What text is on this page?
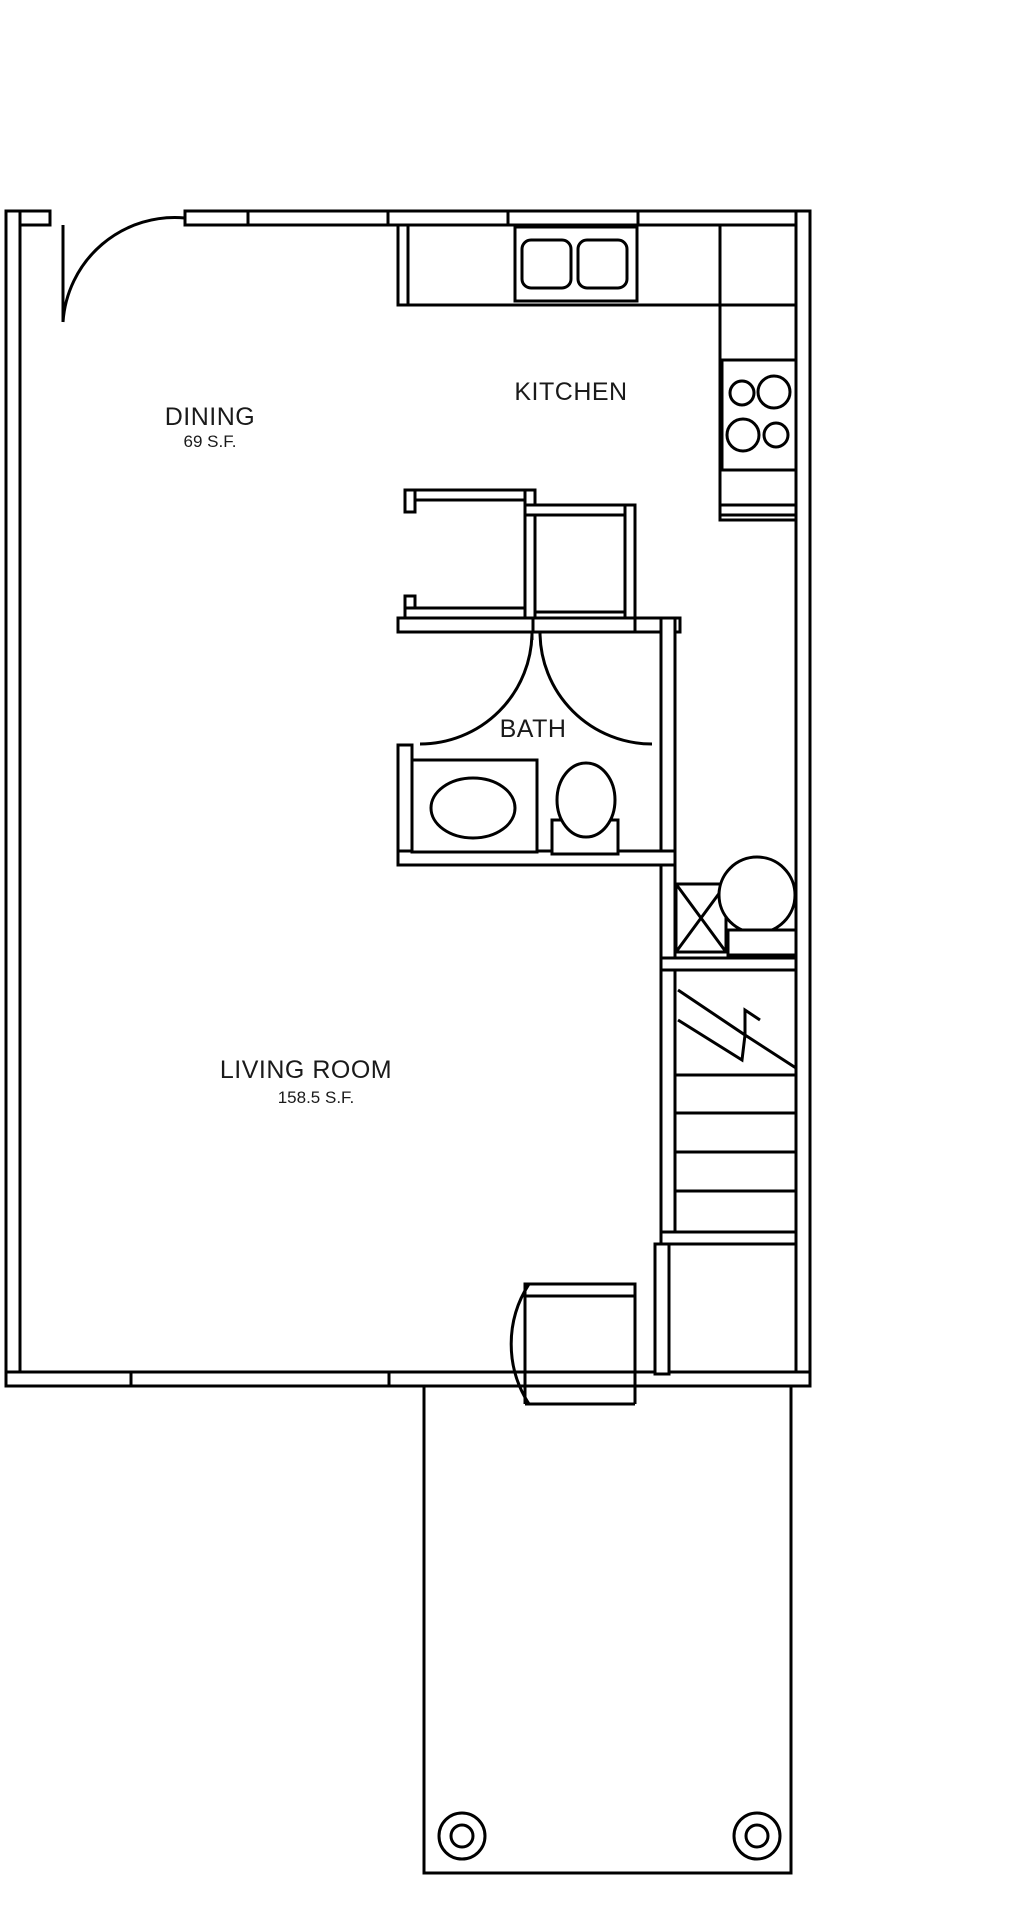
DINING
69 S.F.
KITCHEN
BATH
LIVING ROOM
158.5 S.F.
